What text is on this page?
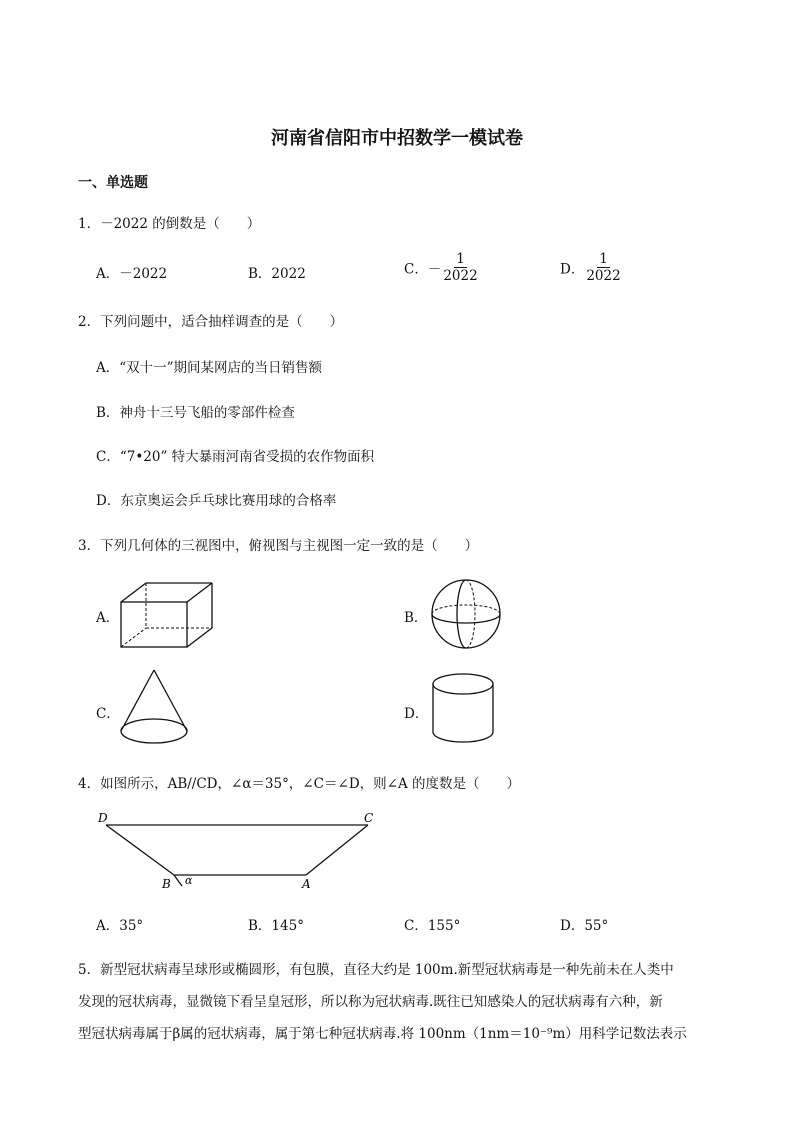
河南省信阳市中招数学一模试卷
一、单选题
1．－2022 的倒数是（　　）
A．－2022	B．2022	C．－ $\frac{1}{2022}$	D． $\frac{1}{2022}$
2．下列问题中，适合抽样调查的是（　　）
A．“双十一”期间某网店的当日销售额
B．神舟十三号飞船的零部件检查
C．“7•20” 特大暴雨河南省受损的农作物面积
D．东京奥运会乒乓球比赛用球的合格率
3．下列几何体的三视图中，俯视图与主视图一定一致的是（　　）
A．	B．
C．	D．
4．如图所示，AB//CD，∠α＝35°，∠C＝∠D，则∠A 的度数是（　　）
D	C
B	A
α
A．35°	B．145°	C．155°	D．55°
5．新型冠状病毒呈球形或椭圆形，有包膜，直径大约是 100m.新型冠状病毒是一种先前未在人类中
发现的冠状病毒，显微镜下看呈皇冠形，所以称为冠状病毒.既往已知感染人的冠状病毒有六种，新
型冠状病毒属于β属的冠状病毒，属于第七种冠状病毒.将 100nm（1nm＝10⁻⁹m）用科学记数法表示
